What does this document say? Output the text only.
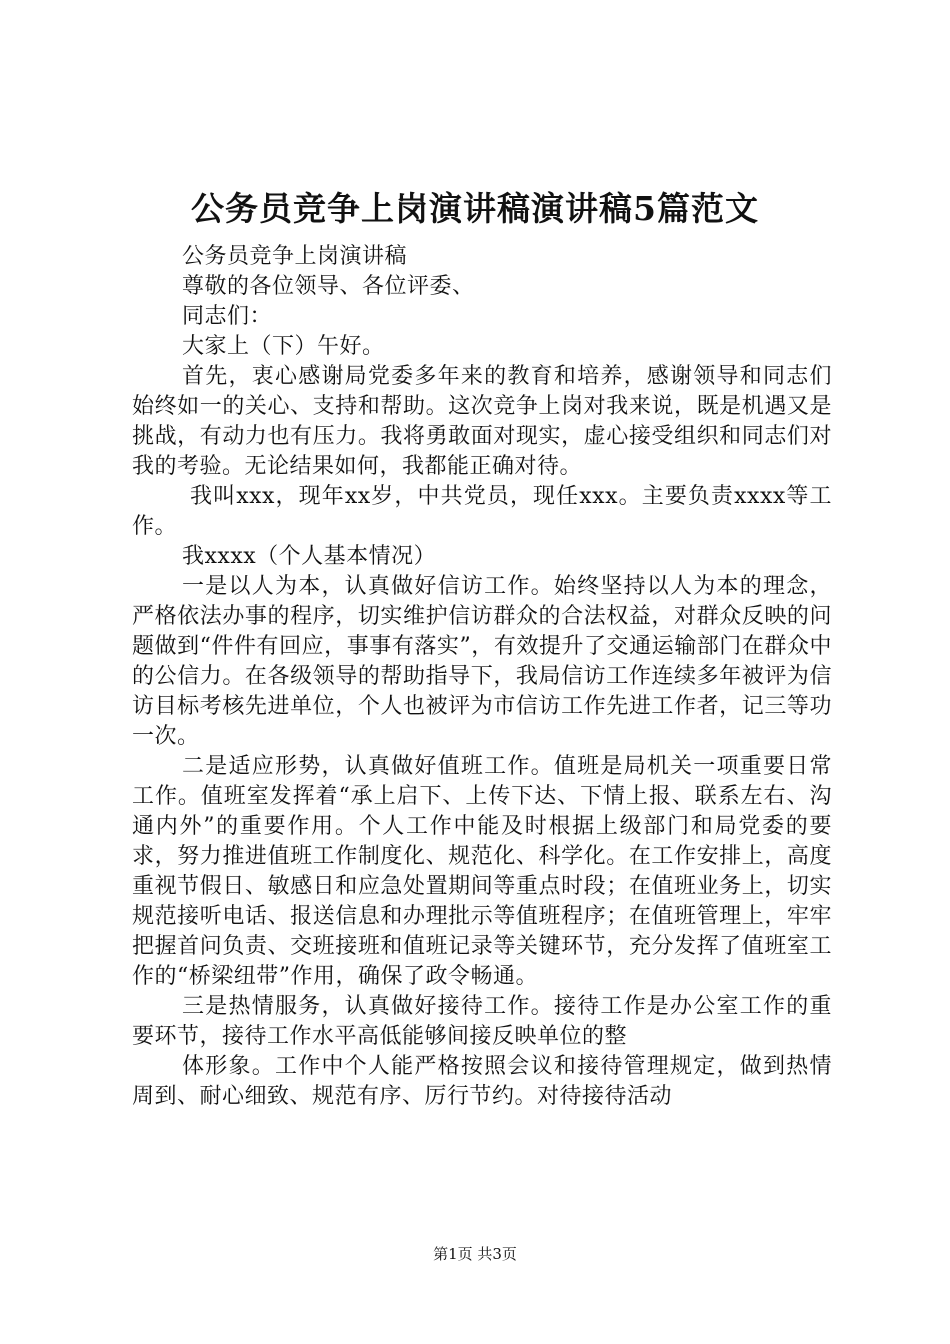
公务员竞争上岗演讲稿演讲稿5篇范文

公务员竞争上岗演讲稿

尊敬的各位领导、各位评委、

同志们：

大家上（下）午好。

首先，衷心感谢局党委多年来的教育和培养，感谢领导和同志们始终如一的关心、支持和帮助。这次竞争上岗对我来说，既是机遇又是挑战，有动力也有压力。我将勇敢面对现实，虚心接受组织和同志们对我的考验。无论结果如何，我都能正确对待。

我叫xxx，现年xx岁，中共党员，现任xxx。主要负责xxxx等工作。

我xxxx（个人基本情况）

一是以人为本，认真做好信访工作。始终坚持以人为本的理念，严格依法办事的程序，切实维护信访群众的合法权益，对群众反映的问题做到“件件有回应，事事有落实”，有效提升了交通运输部门在群众中的公信力。在各级领导的帮助指导下，我局信访工作连续多年被评为信访目标考核先进单位，个人也被评为市信访工作先进工作者，记三等功一次。

二是适应形势，认真做好值班工作。值班是局机关一项重要日常工作。值班室发挥着“承上启下、上传下达、下情上报、联系左右、沟通内外”的重要作用。个人工作中能及时根据上级部门和局党委的要求，努力推进值班工作制度化、规范化、科学化。在工作安排上，高度重视节假日、敏感日和应急处置期间等重点时段；在值班业务上，切实规范接听电话、报送信息和办理批示等值班程序；在值班管理上，牢牢把握首问负责、交班接班和值班记录等关键环节，充分发挥了值班室工作的“桥梁纽带”作用，确保了政令畅通。

三是热情服务，认真做好接待工作。接待工作是办公室工作的重要环节，接待工作水平高低能够间接反映单位的整

体形象。工作中个人能严格按照会议和接待管理规定，做到热情周到、耐心细致、规范有序、厉行节约。对待接待活动

第1页 共3页
